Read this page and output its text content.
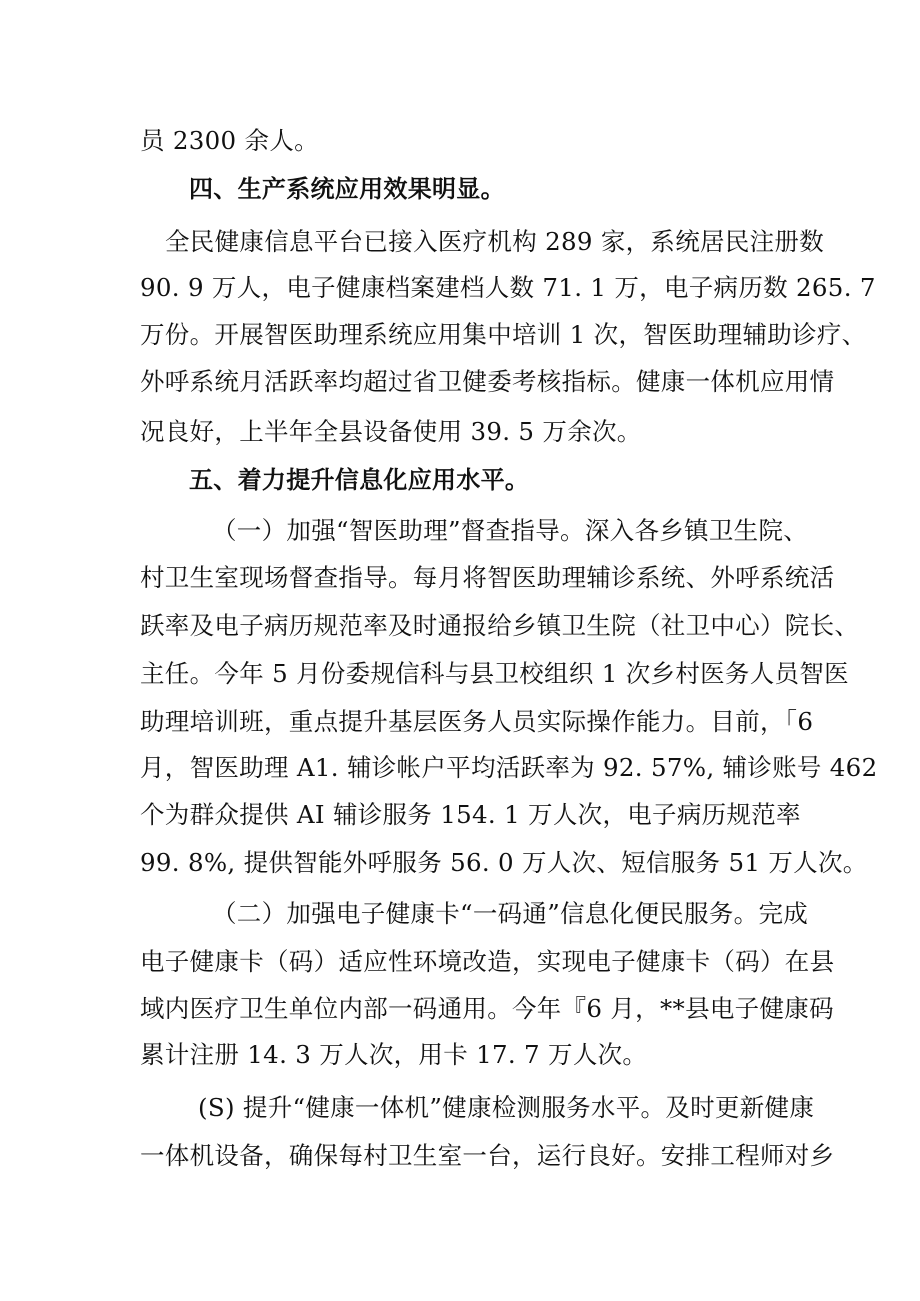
员 2300 余人。
四、生产系统应用效果明显。
全民健康信息平台已接入医疗机构 289 家，系统居民注册数
90. 9 万人，电子健康档案建档人数 71. 1 万，电子病历数 265. 7
万份。开展智医助理系统应用集中培训 1 次，智医助理辅助诊疗、
外呼系统月活跃率均超过省卫健委考核指标。健康一体机应用情
况良好，上半年全县设备使用 39. 5 万余次。
五、着力提升信息化应用水平。
（一）加强“智医助理”督查指导。深入各乡镇卫生院、
村卫生室现场督查指导。每月将智医助理辅诊系统、外呼系统活
跃率及电子病历规范率及时通报给乡镇卫生院（社卫中心）院长、
主任。今年 5 月份委规信科与县卫校组织 1 次乡村医务人员智医
助理培训班，重点提升基层医务人员实际操作能力。目前，「6
月，智医助理 A1. 辅诊帐户平均活跃率为 92. 57%, 辅诊账号 462
个为群众提供 AI 辅诊服务 154. 1 万人次，电子病历规范率
99. 8%, 提供智能外呼服务 56. 0 万人次、短信服务 51 万人次。
（二）加强电子健康卡“一码通”信息化便民服务。完成
电子健康卡（码）适应性环境改造，实现电子健康卡（码）在县
域内医疗卫生单位内部一码通用。今年『6 月，**县电子健康码
累计注册 14. 3 万人次，用卡 17. 7 万人次。
(S) 提升“健康一体机”健康检测服务水平。及时更新健康
一体机设备，确保每村卫生室一台，运行良好。安排工程师对乡
